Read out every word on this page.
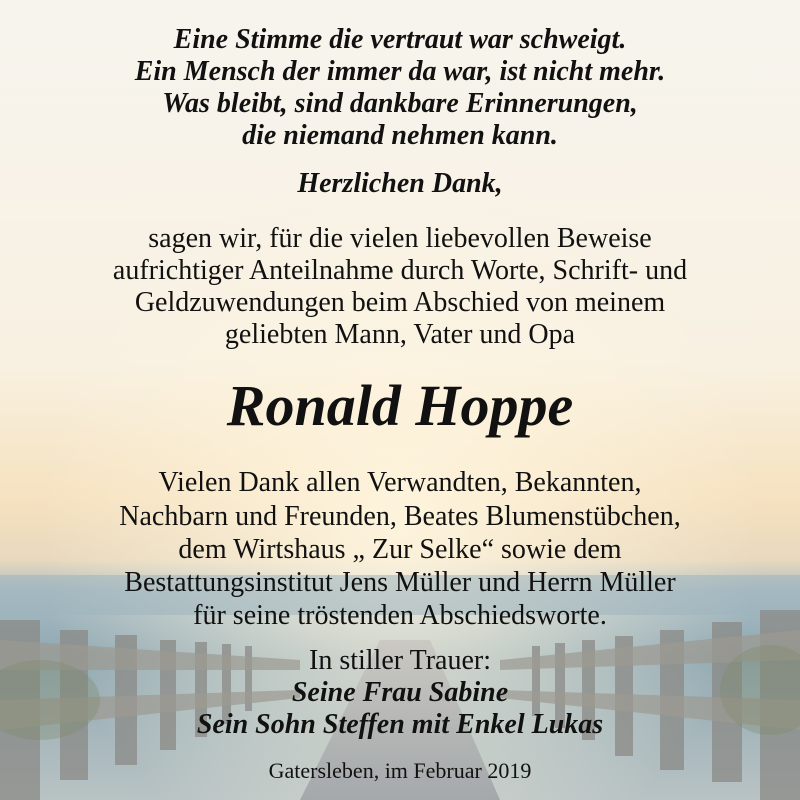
Eine Stimme die vertraut war schweigt.
Ein Mensch der immer da war, ist nicht mehr.
Was bleibt, sind dankbare Erinnerungen,
die niemand nehmen kann.
Herzlichen Dank,
sagen wir, für die vielen liebevollen Beweise
aufrichtiger Anteilnahme durch Worte, Schrift- und
Geldzuwendungen beim Abschied von meinem
geliebten Mann, Vater und Opa
Ronald Hoppe
Vielen Dank allen Verwandten, Bekannten,
Nachbarn und Freunden, Beates Blumenstübchen,
dem Wirtshaus „ Zur Selke“ sowie dem
Bestattungsinstitut Jens Müller und Herrn Müller
für seine tröstenden Abschiedsworte.
In stiller Trauer:
Seine Frau Sabine
Sein Sohn Steffen mit Enkel Lukas
Gatersleben, im Februar 2019
